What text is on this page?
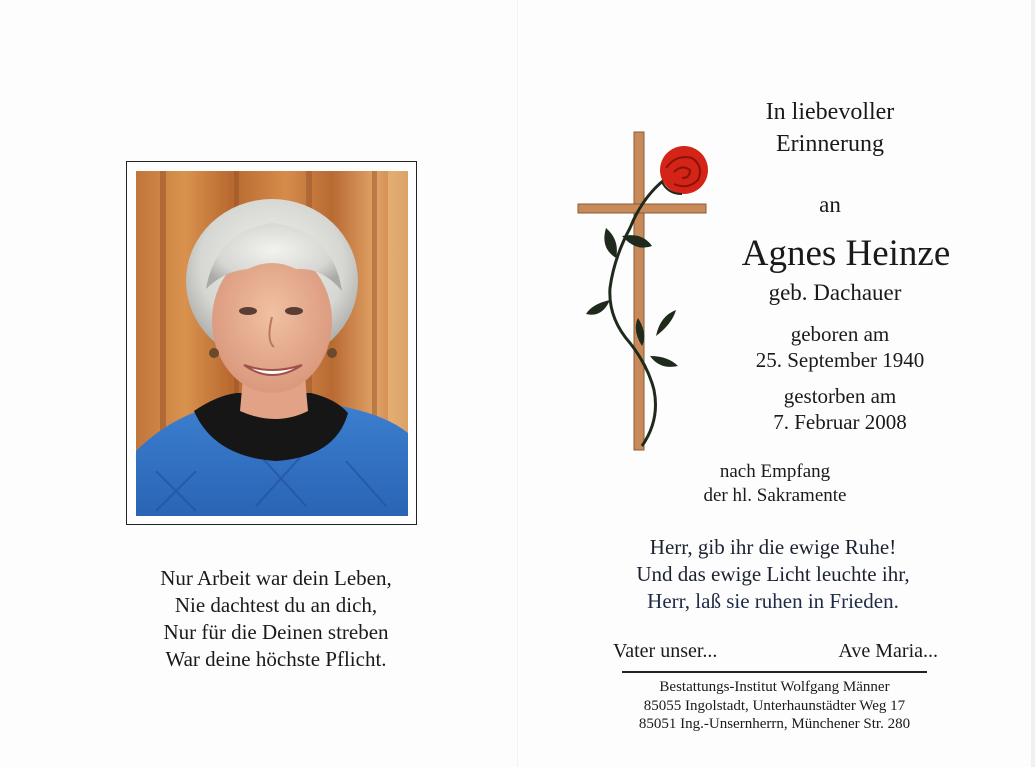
Nur Arbeit war dein Leben,
Nie dachtest du an dich,
Nur für die Deinen streben
War deine höchste Pflicht.
In liebevoller
Erinnerung
an
Agnes Heinze
geb. Dachauer
geboren am
25. September 1940
gestorben am
7. Februar 2008
nach Empfang
der hl. Sakramente
Herr, gib ihr die ewige Ruhe!
Und das ewige Licht leuchte ihr,
Herr, laß sie ruhen in Frieden.
Vater unser...	Ave Maria...
Bestattungs-Institut Wolfgang Männer
85055 Ingolstadt, Unterhaunstädter Weg 17
85051 Ing.-Unsernherrn, Münchener Str. 280
